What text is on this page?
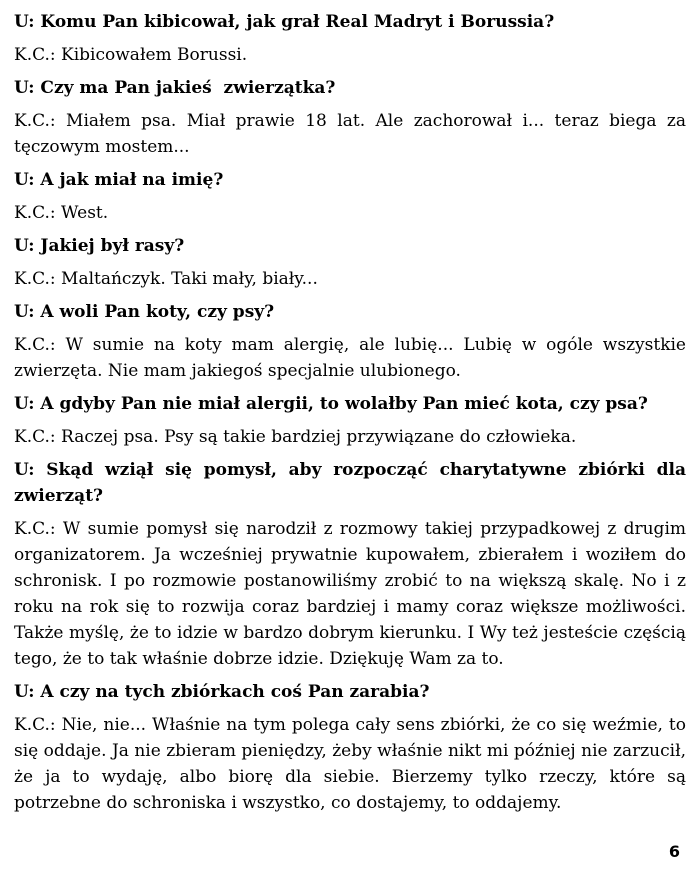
U: Komu Pan kibicował, jak grał Real Madryt i Borussia?

K.C.: Kibicowałem Borussi.

U: Czy ma Pan jakieś  zwierzątka?

K.C.: Miałem psa. Miał prawie 18 lat. Ale zachorował i... teraz biega za tęczowym mostem...

U: A jak miał na imię?

K.C.: West.

U: Jakiej był rasy?

K.C.: Maltańczyk. Taki mały, biały...

U: A woli Pan koty, czy psy?

K.C.: W sumie na koty mam alergię, ale lubię... Lubię w ogóle wszystkie zwierzęta. Nie mam jakiegoś specjalnie ulubionego.

U: A gdyby Pan nie miał alergii, to wolałby Pan mieć kota, czy psa?

K.C.: Raczej psa. Psy są takie bardziej przywiązane do człowieka.

U: Skąd wziął się pomysł, aby rozpocząć charytatywne zbiórki dla zwierząt?

K.C.: W sumie pomysł się narodził z rozmowy takiej przypadkowej z drugim organizatorem. Ja wcześniej prywatnie kupowałem, zbierałem i woziłem do schronisk. I po rozmowie postanowiliśmy zrobić to na większą skalę. No i z roku na rok się to rozwija coraz bardziej i mamy coraz większe możliwości. Także myślę, że to idzie w bardzo dobrym kierunku. I Wy też jesteście częścią tego, że to tak właśnie dobrze idzie. Dziękuję Wam za to.

U: A czy na tych zbiórkach coś Pan zarabia?

K.C.: Nie, nie... Właśnie na tym polega cały sens zbiórki, że co się weźmie, to się oddaje. Ja nie zbieram pieniędzy, żeby właśnie nikt mi później nie zarzucił, że ja to wydaję, albo biorę dla siebie. Bierzemy tylko rzeczy, które są potrzebne do schroniska i wszystko, co dostajemy, to oddajemy.

6
